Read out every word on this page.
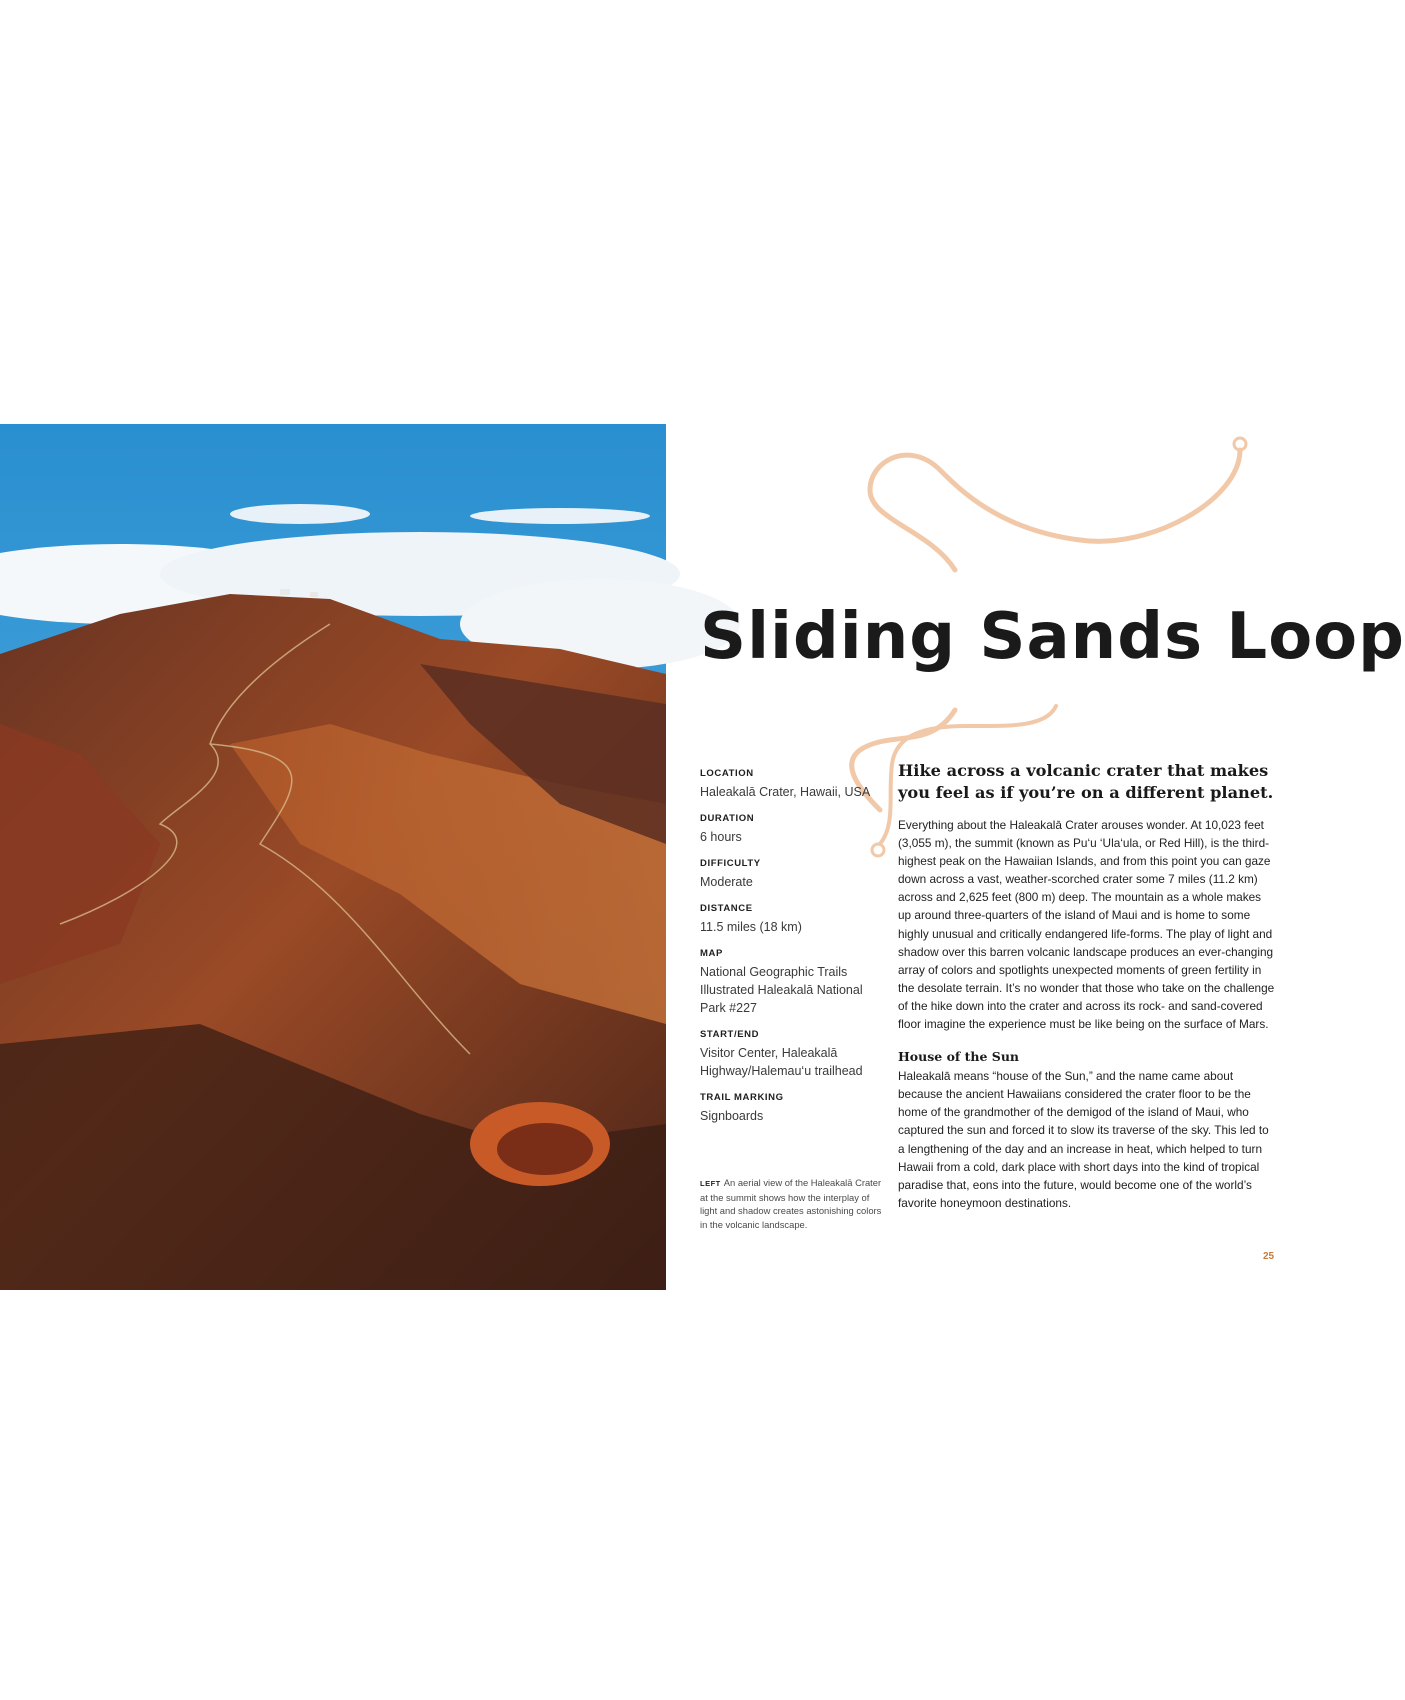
Sliding Sands Loop
LOCATION
Haleakalā Crater, Hawaii, USA
DURATION
6 hours
DIFFICULTY
Moderate
DISTANCE
11.5 miles (18 km)
MAP
National Geographic Trails Illustrated Haleakalā National Park #227
START/END
Visitor Center, Haleakalā Highway/Halemau‘u trailhead
TRAIL MARKING
Signboards
LEFT An aerial view of the Haleakalā Crater at the summit shows how the interplay of light and shadow creates astonishing colors in the volcanic landscape.
Hike across a volcanic crater that makes you feel as if you’re on a different planet.

Everything about the Haleakalā Crater arouses wonder. At 10,023 feet (3,055 m), the summit (known as Pu‘u ‘Ula‘ula, or Red Hill), is the third-highest peak on the Hawaiian Islands, and from this point you can gaze down across a vast, weather-scorched crater some 7 miles (11.2 km) across and 2,625 feet (800 m) deep. The mountain as a whole makes up around three-quarters of the island of Maui and is home to some highly unusual and critically endangered life-forms. The play of light and shadow over this barren volcanic landscape produces an ever-changing array of colors and spotlights unexpected moments of green fertility in the desolate terrain. It’s no wonder that those who take on the challenge of the hike down into the crater and across its rock- and sand-covered floor imagine the experience must be like being on the surface of Mars.

House of the Sun

Haleakalā means “house of the Sun,” and the name came about because the ancient Hawaiians considered the crater floor to be the home of the grandmother of the demigod of the island of Maui, who captured the sun and forced it to slow its traverse of the sky. This led to a lengthening of the day and an increase in heat, which helped to turn Hawaii from a cold, dark place with short days into the kind of tropical paradise that, eons into the future, would become one of the world’s favorite honeymoon destinations.

25
